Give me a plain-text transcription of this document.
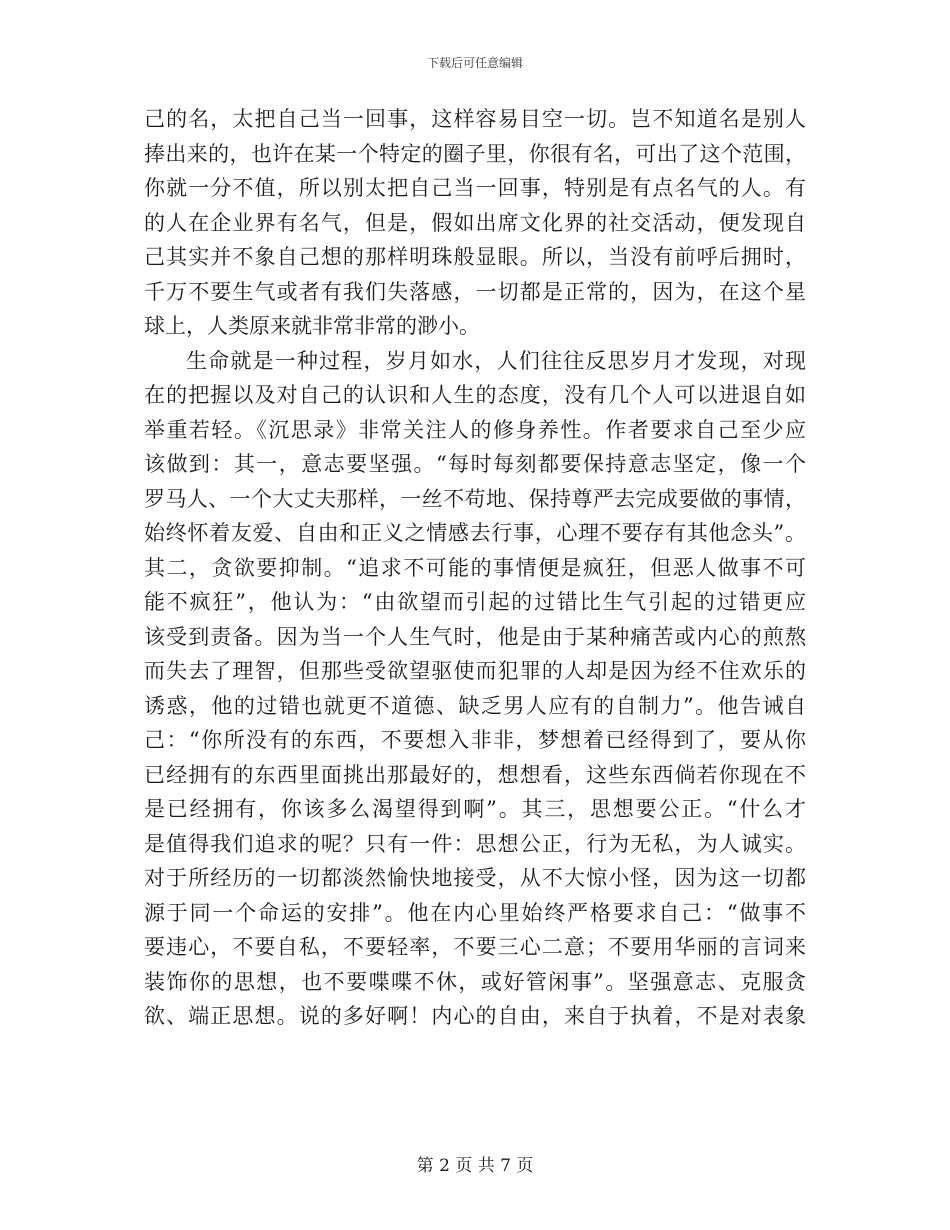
下载后可任意编辑
己的名，太把自己当一回事，这样容易目空一切。岂不知道名是别人
捧出来的，也许在某一个特定的圈子里，你很有名，可出了这个范围，
你就一分不值，所以别太把自己当一回事，特别是有点名气的人。有
的人在企业界有名气，但是，假如出席文化界的社交活动，便发现自
己其实并不象自己想的那样明珠般显眼。所以，当没有前呼后拥时，
千万不要生气或者有我们失落感，一切都是正常的，因为，在这个星
球上，人类原来就非常非常的渺小。
生命就是一种过程，岁月如水，人们往往反思岁月才发现，对现
在的把握以及对自己的认识和人生的态度，没有几个人可以进退自如
举重若轻。《沉思录》非常关注人的修身养性。作者要求自己至少应
该做到：其一，意志要坚强。“每时每刻都要保持意志坚定，像一个
罗马人、一个大丈夫那样，一丝不苟地、保持尊严去完成要做的事情，
始终怀着友爱、自由和正义之情感去行事，心理不要存有其他念头”。
其二，贪欲要抑制。“追求不可能的事情便是疯狂，但恶人做事不可
能不疯狂”，他认为：“由欲望而引起的过错比生气引起的过错更应
该受到责备。因为当一个人生气时，他是由于某种痛苦或内心的煎熬
而失去了理智，但那些受欲望驱使而犯罪的人却是因为经不住欢乐的
诱惑，他的过错也就更不道德、缺乏男人应有的自制力”。他告诫自
己：“你所没有的东西，不要想入非非，梦想着已经得到了，要从你
已经拥有的东西里面挑出那最好的，想想看，这些东西倘若你现在不
是已经拥有，你该多么渴望得到啊”。其三，思想要公正。“什么才
是值得我们追求的呢？只有一件：思想公正，行为无私，为人诚实。
对于所经历的一切都淡然愉快地接受，从不大惊小怪，因为这一切都
源于同一个命运的安排”。他在内心里始终严格要求自己：“做事不
要违心，不要自私，不要轻率，不要三心二意；不要用华丽的言词来
装饰你的思想，也不要喋喋不休，或好管闲事”。坚强意志、克服贪
欲、端正思想。说的多好啊！内心的自由，来自于执着，不是对表象
第 2 页 共 7 页
